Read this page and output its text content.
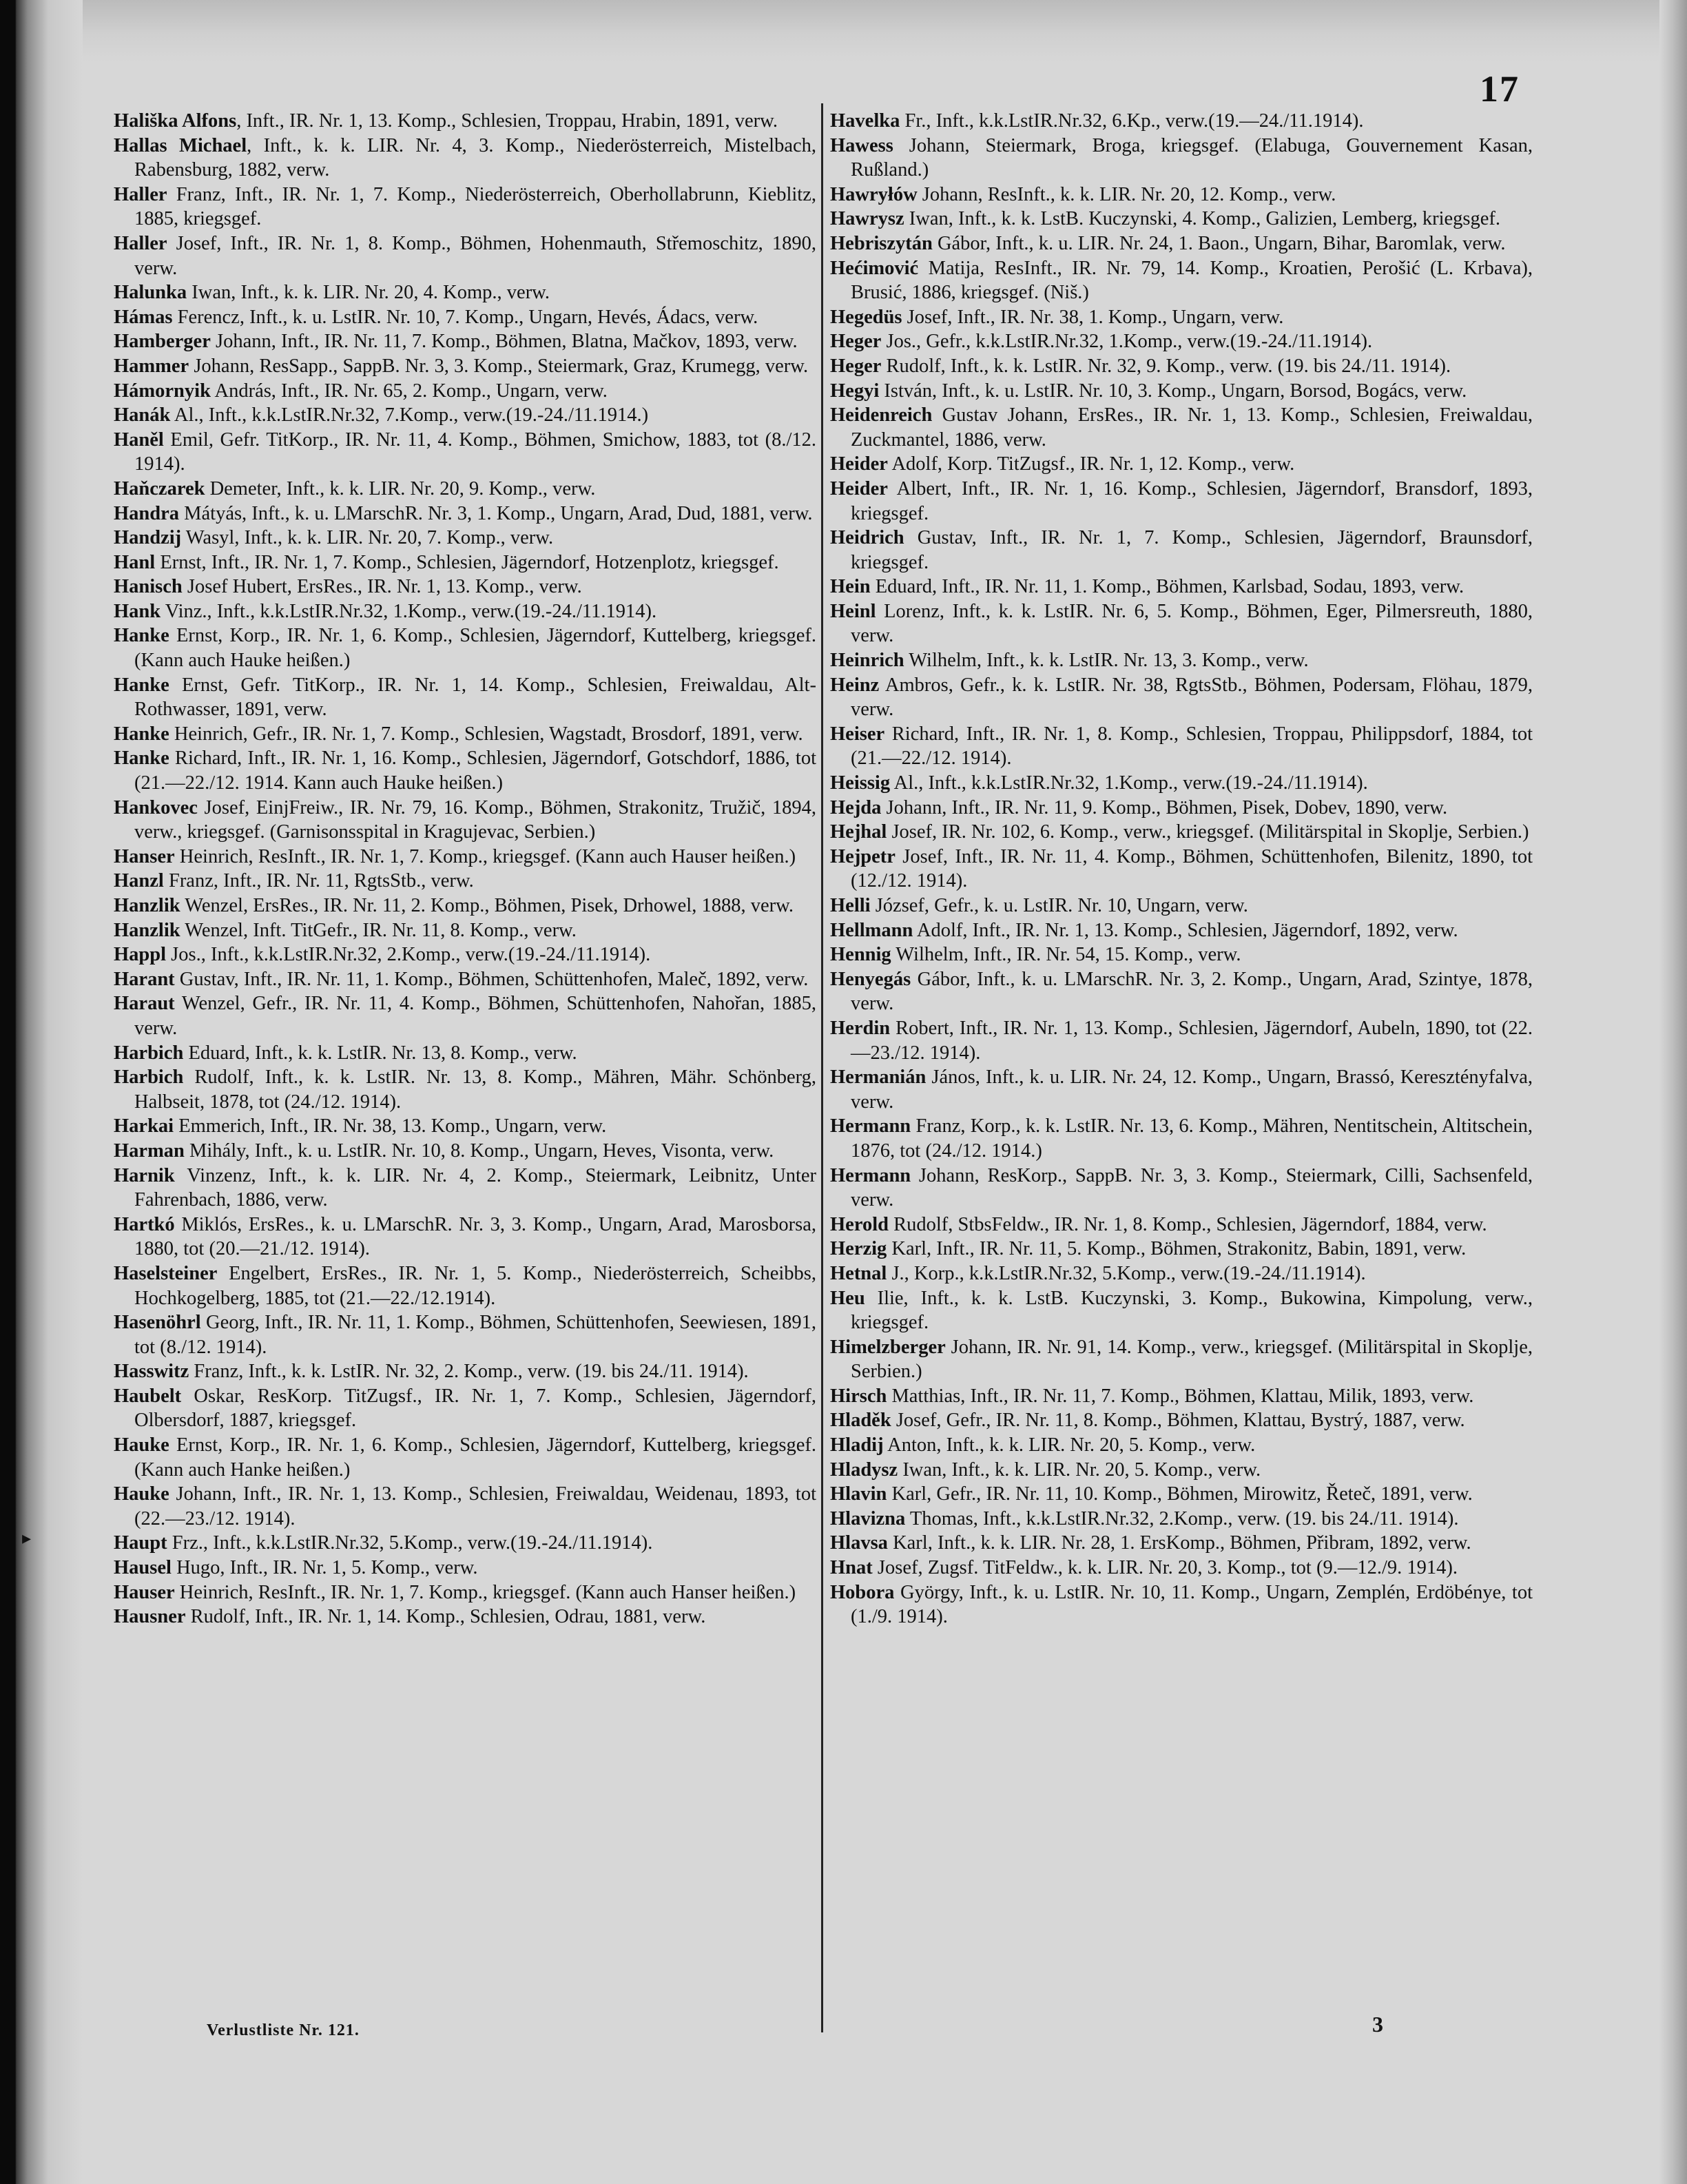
17

Hališka Alfons, Inft., IR. Nr. 1, 13. Komp., Schlesien, Troppau, Hrabin, 1891, verw.

Hallas Michael, Inft., k. k. LIR. Nr. 4, 3. Komp., Niederösterreich, Mistelbach, Rabensburg, 1882, verw.

Haller Franz, Inft., IR. Nr. 1, 7. Komp., Niederösterreich, Oberhollabrunn, Kieblitz, 1885, kriegsgef.

Haller Josef, Inft., IR. Nr. 1, 8. Komp., Böhmen, Hohenmauth, Střemoschitz, 1890, verw.

Halunka Iwan, Inft., k. k. LIR. Nr. 20, 4. Komp., verw.

Hámas Ferencz, Inft., k. u. LstIR. Nr. 10, 7. Komp., Ungarn, Hevés, Ádacs, verw.

Hamberger Johann, Inft., IR. Nr. 11, 7. Komp., Böhmen, Blatna, Mačkov, 1893, verw.

Hammer Johann, ResSapp., SappB. Nr. 3, 3. Komp., Steiermark, Graz, Krumegg, verw.

Hámornyik András, Inft., IR. Nr. 65, 2. Komp., Ungarn, verw.

Hanák Al., Inft., k.k.LstIR.Nr.32, 7.Komp., verw.(19.-24./11.1914.)

Haněl Emil, Gefr. TitKorp., IR. Nr. 11, 4. Komp., Böhmen, Smichow, 1883, tot (8./12. 1914).

Haňczarek Demeter, Inft., k. k. LIR. Nr. 20, 9. Komp., verw.

Handra Mátyás, Inft., k. u. LMarschR. Nr. 3, 1. Komp., Ungarn, Arad, Dud, 1881, verw.

Handzij Wasyl, Inft., k. k. LIR. Nr. 20, 7. Komp., verw.

Hanl Ernst, Inft., IR. Nr. 1, 7. Komp., Schlesien, Jägerndorf, Hotzenplotz, kriegsgef.

Hanisch Josef Hubert, ErsRes., IR. Nr. 1, 13. Komp., verw.

Hank Vinz., Inft., k.k.LstIR.Nr.32, 1.Komp., verw.(19.-24./11.1914).

Hanke Ernst, Korp., IR. Nr. 1, 6. Komp., Schlesien, Jägerndorf, Kuttelberg, kriegsgef. (Kann auch Hauke heißen.)

Hanke Ernst, Gefr. TitKorp., IR. Nr. 1, 14. Komp., Schlesien, Freiwaldau, Alt-Rothwasser, 1891, verw.

Hanke Heinrich, Gefr., IR. Nr. 1, 7. Komp., Schlesien, Wagstadt, Brosdorf, 1891, verw.

Hanke Richard, Inft., IR. Nr. 1, 16. Komp., Schlesien, Jägerndorf, Gotschdorf, 1886, tot (21.—22./12. 1914. Kann auch Hauke heißen.)

Hankovec Josef, EinjFreiw., IR. Nr. 79, 16. Komp., Böhmen, Strakonitz, Tružič, 1894, verw., kriegsgef. (Garnisonsspital in Kragujevac, Serbien.)

Hanser Heinrich, ResInft., IR. Nr. 1, 7. Komp., kriegsgef. (Kann auch Hauser heißen.)

Hanzl Franz, Inft., IR. Nr. 11, RgtsStb., verw.

Hanzlik Wenzel, ErsRes., IR. Nr. 11, 2. Komp., Böhmen, Pisek, Drhowel, 1888, verw.

Hanzlik Wenzel, Inft. TitGefr., IR. Nr. 11, 8. Komp., verw.

Happl Jos., Inft., k.k.LstIR.Nr.32, 2.Komp., verw.(19.-24./11.1914).

Harant Gustav, Inft., IR. Nr. 11, 1. Komp., Böhmen, Schüttenhofen, Maleč, 1892, verw.

Haraut Wenzel, Gefr., IR. Nr. 11, 4. Komp., Böhmen, Schüttenhofen, Nahořan, 1885, verw.

Harbich Eduard, Inft., k. k. LstIR. Nr. 13, 8. Komp., verw.

Harbich Rudolf, Inft., k. k. LstIR. Nr. 13, 8. Komp., Mähren, Mähr. Schönberg, Halbseit, 1878, tot (24./12. 1914).

Harkai Emmerich, Inft., IR. Nr. 38, 13. Komp., Ungarn, verw.

Harman Mihály, Inft., k. u. LstIR. Nr. 10, 8. Komp., Ungarn, Heves, Visonta, verw.

Harnik Vinzenz, Inft., k. k. LIR. Nr. 4, 2. Komp., Steiermark, Leibnitz, Unter Fahrenbach, 1886, verw.

Hartkó Miklós, ErsRes., k. u. LMarschR. Nr. 3, 3. Komp., Ungarn, Arad, Marosborsa, 1880, tot (20.—21./12. 1914).

Haselsteiner Engelbert, ErsRes., IR. Nr. 1, 5. Komp., Niederösterreich, Scheibbs, Hochkogelberg, 1885, tot (21.—22./12.1914).

Hasenöhrl Georg, Inft., IR. Nr. 11, 1. Komp., Böhmen, Schüttenhofen, Seewiesen, 1891, tot (8./12. 1914).

Hasswitz Franz, Inft., k. k. LstIR. Nr. 32, 2. Komp., verw. (19. bis 24./11. 1914).

Haubelt Oskar, ResKorp. TitZugsf., IR. Nr. 1, 7. Komp., Schlesien, Jägerndorf, Olbersdorf, 1887, kriegsgef.

Hauke Ernst, Korp., IR. Nr. 1, 6. Komp., Schlesien, Jägerndorf, Kuttelberg, kriegsgef. (Kann auch Hanke heißen.)

Hauke Johann, Inft., IR. Nr. 1, 13. Komp., Schlesien, Freiwaldau, Weidenau, 1893, tot (22.—23./12. 1914).

Haupt Frz., Inft., k.k.LstIR.Nr.32, 5.Komp., verw.(19.-24./11.1914).

Hausel Hugo, Inft., IR. Nr. 1, 5. Komp., verw.

Hauser Heinrich, ResInft., IR. Nr. 1, 7. Komp., kriegsgef. (Kann auch Hanser heißen.)

Hausner Rudolf, Inft., IR. Nr. 1, 14. Komp., Schlesien, Odrau, 1881, verw.

Havelka Fr., Inft., k.k.LstIR.Nr.32, 6.Kp., verw.(19.—24./11.1914).

Hawess Johann, Steiermark, Broga, kriegsgef. (Elabuga, Gouvernement Kasan, Rußland.)

Hawryłów Johann, ResInft., k. k. LIR. Nr. 20, 12. Komp., verw.

Hawrysz Iwan, Inft., k. k. LstB. Kuczynski, 4. Komp., Galizien, Lemberg, kriegsgef.

Hebriszytán Gábor, Inft., k. u. LIR. Nr. 24, 1. Baon., Ungarn, Bihar, Baromlak, verw.

Hećimović Matija, ResInft., IR. Nr. 79, 14. Komp., Kroatien, Perošić (L. Krbava), Brusić, 1886, kriegsgef. (Niš.)

Hegedüs Josef, Inft., IR. Nr. 38, 1. Komp., Ungarn, verw.

Heger Jos., Gefr., k.k.LstIR.Nr.32, 1.Komp., verw.(19.-24./11.1914).

Heger Rudolf, Inft., k. k. LstIR. Nr. 32, 9. Komp., verw. (19. bis 24./11. 1914).

Hegyi István, Inft., k. u. LstIR. Nr. 10, 3. Komp., Ungarn, Borsod, Bogács, verw.

Heidenreich Gustav Johann, ErsRes., IR. Nr. 1, 13. Komp., Schlesien, Freiwaldau, Zuckmantel, 1886, verw.

Heider Adolf, Korp. TitZugsf., IR. Nr. 1, 12. Komp., verw.

Heider Albert, Inft., IR. Nr. 1, 16. Komp., Schlesien, Jägerndorf, Bransdorf, 1893, kriegsgef.

Heidrich Gustav, Inft., IR. Nr. 1, 7. Komp., Schlesien, Jägerndorf, Braunsdorf, kriegsgef.

Hein Eduard, Inft., IR. Nr. 11, 1. Komp., Böhmen, Karlsbad, Sodau, 1893, verw.

Heinl Lorenz, Inft., k. k. LstIR. Nr. 6, 5. Komp., Böhmen, Eger, Pilmersreuth, 1880, verw.

Heinrich Wilhelm, Inft., k. k. LstIR. Nr. 13, 3. Komp., verw.

Heinz Ambros, Gefr., k. k. LstIR. Nr. 38, RgtsStb., Böhmen, Podersam, Flöhau, 1879, verw.

Heiser Richard, Inft., IR. Nr. 1, 8. Komp., Schlesien, Troppau, Philippsdorf, 1884, tot (21.—22./12. 1914).

Heissig Al., Inft., k.k.LstIR.Nr.32, 1.Komp., verw.(19.-24./11.1914).

Hejda Johann, Inft., IR. Nr. 11, 9. Komp., Böhmen, Pisek, Dobev, 1890, verw.

Hejhal Josef, IR. Nr. 102, 6. Komp., verw., kriegsgef. (Militärspital in Skoplje, Serbien.)

Hejpetr Josef, Inft., IR. Nr. 11, 4. Komp., Böhmen, Schüttenhofen, Bilenitz, 1890, tot (12./12. 1914).

Helli József, Gefr., k. u. LstIR. Nr. 10, Ungarn, verw.

Hellmann Adolf, Inft., IR. Nr. 1, 13. Komp., Schlesien, Jägerndorf, 1892, verw.

Hennig Wilhelm, Inft., IR. Nr. 54, 15. Komp., verw.

Henyegás Gábor, Inft., k. u. LMarschR. Nr. 3, 2. Komp., Ungarn, Arad, Szintye, 1878, verw.

Herdin Robert, Inft., IR. Nr. 1, 13. Komp., Schlesien, Jägerndorf, Aubeln, 1890, tot (22.—23./12. 1914).

Hermanián János, Inft., k. u. LIR. Nr. 24, 12. Komp., Ungarn, Brassó, Keresztényfalva, verw.

Hermann Franz, Korp., k. k. LstIR. Nr. 13, 6. Komp., Mähren, Nentitschein, Altitschein, 1876, tot (24./12. 1914.)

Hermann Johann, ResKorp., SappB. Nr. 3, 3. Komp., Steiermark, Cilli, Sachsenfeld, verw.

Herold Rudolf, StbsFeldw., IR. Nr. 1, 8. Komp., Schlesien, Jägerndorf, 1884, verw.

Herzig Karl, Inft., IR. Nr. 11, 5. Komp., Böhmen, Strakonitz, Babin, 1891, verw.

Hetnal J., Korp., k.k.LstIR.Nr.32, 5.Komp., verw.(19.-24./11.1914).

Heu Ilie, Inft., k. k. LstB. Kuczynski, 3. Komp., Bukowina, Kimpolung, verw., kriegsgef.

Himelzberger Johann, IR. Nr. 91, 14. Komp., verw., kriegsgef. (Militärspital in Skoplje, Serbien.)

Hirsch Matthias, Inft., IR. Nr. 11, 7. Komp., Böhmen, Klattau, Milik, 1893, verw.

Hladěk Josef, Gefr., IR. Nr. 11, 8. Komp., Böhmen, Klattau, Bystrý, 1887, verw.

Hladij Anton, Inft., k. k. LIR. Nr. 20, 5. Komp., verw.

Hladysz Iwan, Inft., k. k. LIR. Nr. 20, 5. Komp., verw.

Hlavin Karl, Gefr., IR. Nr. 11, 10. Komp., Böhmen, Mirowitz, Řeteč, 1891, verw.

Hlavizna Thomas, Inft., k.k.LstIR.Nr.32, 2.Komp., verw. (19. bis 24./11. 1914).

Hlavsa Karl, Inft., k. k. LIR. Nr. 28, 1. ErsKomp., Böhmen, Přibram, 1892, verw.

Hnat Josef, Zugsf. TitFeldw., k. k. LIR. Nr. 20, 3. Komp., tot (9.—12./9. 1914).

Hobora György, Inft., k. u. LstIR. Nr. 10, 11. Komp., Ungarn, Zemplén, Erdöbénye, tot (1./9. 1914).

▸
Verlustliste Nr. 121.	3
